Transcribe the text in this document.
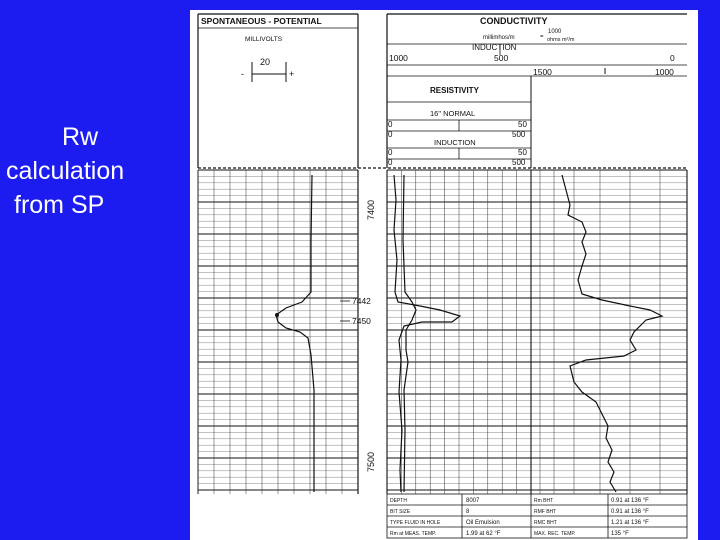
Rw
calculation
from SP
SPONTANEOUS - POTENTIAL
MILLIVOLTS
20
-	+
CONDUCTIVITY
millimhos/m	=
1000
ohms m²/m
INDUCTION
1000	500	0
1500	1000
RESISTIVITY
16" NORMAL
INDUCTION
0	50
0	500
0	50
0	500
7400
7442
7450
7500
DEPTH	8007	Rm BHT	0.91 at 136 °F
BIT SIZE	8	RMF BHT	0.91 at 136 °F
TYPE FLUID IN HOLE	Oil Emulsion	RMC BHT	1.21 at 136 °F
Rm at MEAS. TEMP.	1.99 at 62 °F	MAX. REC. TEMP.	135 °F
